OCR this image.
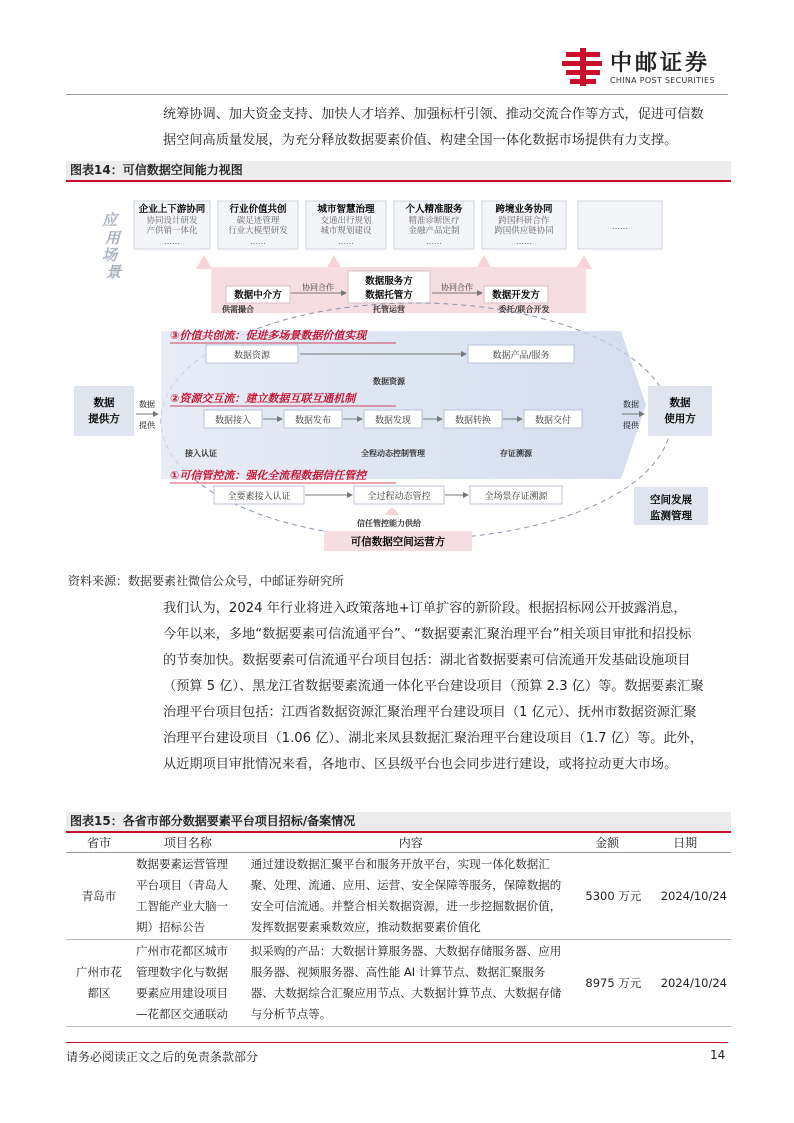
中邮证券
CHINA POST SECURITIES
统筹协调、加大资金支持、加快人才培养、加强标杆引领、推动交流合作等方式，促进可信数
据空间高质量发展，为充分释放数据要素价值、构建全国一体化数据市场提供有力支撑。
图表14：可信数据空间能力视图
应
用
场
景
企业上下游协同
协同设计研发
产供销一体化
……
行业价值共创
碳足迹管理
行业大模型研发
……
城市智慧治理
交通出行规划
城市规划建设
……
个人精准服务
精准诊断医疗
金融产品定制
……
跨境业务协同
跨国科研合作
跨国供应链协同
……
……
数据中介方
数据服务方
数据托管方	数据开发方
协同合作	协同合作
供需撮合	托管运营	委托/联合开发
③价值共创流：促进多场景数据价值实现
数据资源	数据产品/服务
数据资源
②资源交互流：建立数据互联互通机制
数据接入	数据发布	数据发现	数据转换	数据交付
接入认证	全程动态控制管理	存证溯源
①可信管控流：强化全流程数据信任管控
全要素接入认证	全过程动态管控	全场景存证溯源
信任管控能力供给
数据
提供方
数据
提供
数据
提供
数据
使用方
空间发展
监测管理
可信数据空间运营方
资料来源：数据要素社微信公众号，中邮证券研究所
我们认为，2024 年行业将进入政策落地+订单扩容的新阶段。根据招标网公开披露消息，
今年以来，多地“数据要素可信流通平台”、“数据要素汇聚治理平台”相关项目审批和招投标
的节奏加快。数据要素可信流通平台项目包括：湖北省数据要素可信流通开发基础设施项目
（预算 5 亿）、黑龙江省数据要素流通一体化平台建设项目（预算 2.3 亿）等。数据要素汇聚
治理平台项目包括：江西省数据资源汇聚治理平台建设项目（1 亿元）、抚州市数据资源汇聚
治理平台建设项目（1.06 亿）、湖北来凤县数据汇聚治理平台建设项目（1.7 亿）等。此外，
从近期项目审批情况来看，各地市、区县级平台也会同步进行建设，或将拉动更大市场。
图表15：各省市部分数据要素平台项目招标/备案情况
省市	项目名称	内容	金额	日期
青岛市	数据要素运营管理
平台项目（青岛人
工智能产业大脑一
期）招标公告	通过建设数据汇聚平台和服务开放平台，实现一体化数据汇
聚、处理、流通、应用、运营、安全保障等服务，保障数据的
安全可信流通。并整合相关数据资源，进一步挖掘数据价值，
发挥数据要素乘数效应，推动数据要素价值化	5300 万元	2024/10/24

广州市花
都区	广州市花都区城市
管理数字化与数据
要素应用建设项目
—花都区交通联动	拟采购的产品：大数据计算服务器、大数据存储服务器、应用
服务器、视频服务器、高性能 AI 计算节点、数据汇聚服务
器、大数据综合汇聚应用节点、大数据计算节点、大数据存储
与分析节点等。	8975 万元	2024/10/24
请务必阅读正文之后的免责条款部分	14
